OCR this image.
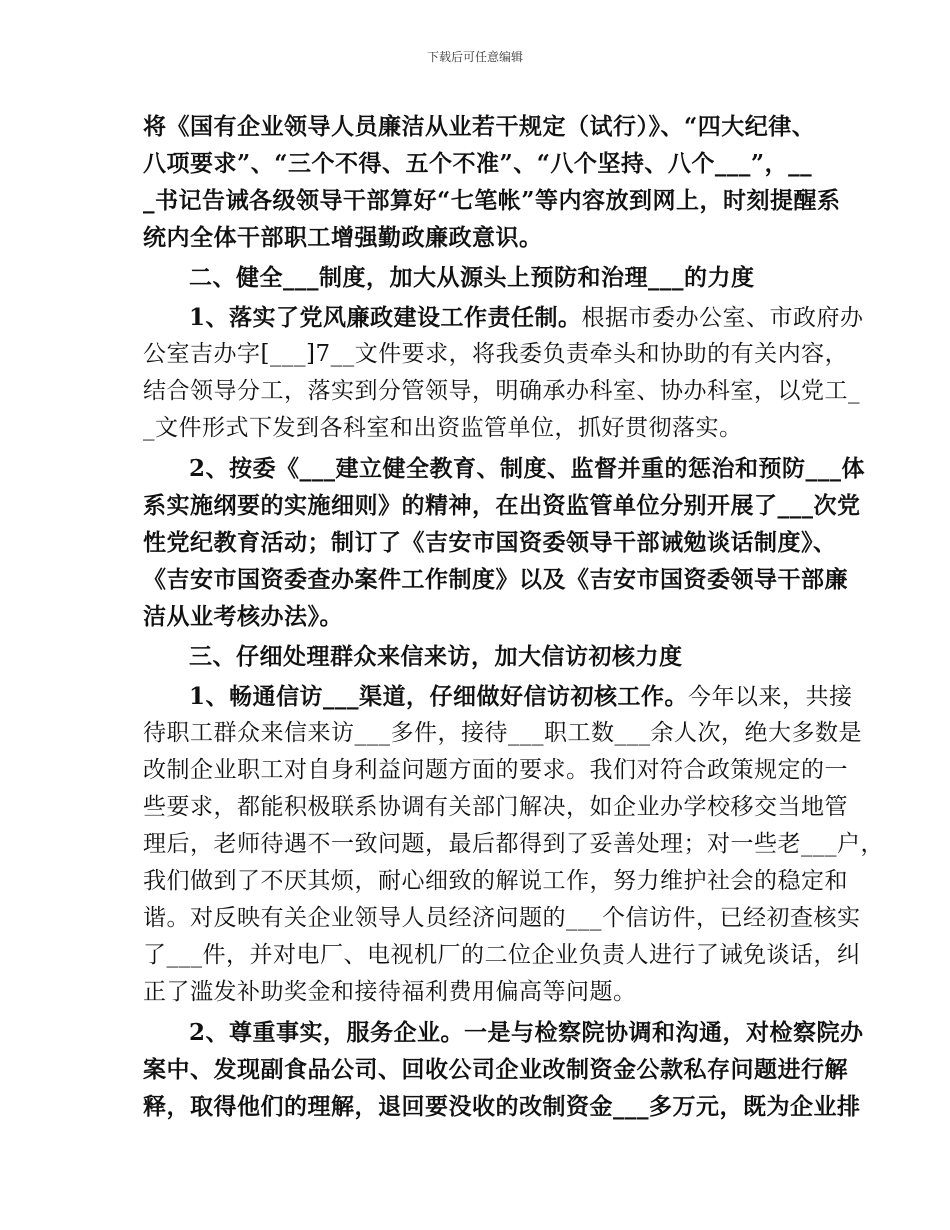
下载后可任意编辑
将《国有企业领导人员廉洁从业若干规定（试行）》、“四大纪律、
八项要求”、“三个不得、五个不准”、“八个坚持、八个___”，__
_书记告诫各级领导干部算好“七笔帐”等内容放到网上，时刻提醒系
统内全体干部职工增强勤政廉政意识。
二、健全___制度，加大从源头上预防和治理___的力度
1、落实了党风廉政建设工作责任制。根据市委办公室、市政府办
公室吉办字[___]7__文件要求，将我委负责牵头和协助的有关内容，
结合领导分工，落实到分管领导，明确承办科室、协办科室，以党工_
_文件形式下发到各科室和出资监管单位，抓好贯彻落实。
2、按委《___建立健全教育、制度、监督并重的惩治和预防___体
系实施纲要的实施细则》的精神，在出资监管单位分别开展了___次党
性党纪教育活动；制订了《吉安市国资委领导干部诫勉谈话制度》、
《吉安市国资委查办案件工作制度》以及《吉安市国资委领导干部廉
洁从业考核办法》。
三、仔细处理群众来信来访，加大信访初核力度
1、畅通信访___渠道，仔细做好信访初核工作。今年以来，共接
待职工群众来信来访___多件，接待___职工数___余人次，绝大多数是
改制企业职工对自身利益问题方面的要求。我们对符合政策规定的一
些要求，都能积极联系协调有关部门解决，如企业办学校移交当地管
理后，老师待遇不一致问题，最后都得到了妥善处理；对一些老___户，
我们做到了不厌其烦，耐心细致的解说工作，努力维护社会的稳定和
谐。对反映有关企业领导人员经济问题的___个信访件，已经初查核实
了___件，并对电厂、电视机厂的二位企业负责人进行了诫免谈话，纠
正了滥发补助奖金和接待福利费用偏高等问题。
2、尊重事实，服务企业。一是与检察院协调和沟通，对检察院办
案中、发现副食品公司、回收公司企业改制资金公款私存问题进行解
释，取得他们的理解，退回要没收的改制资金___多万元，既为企业排
